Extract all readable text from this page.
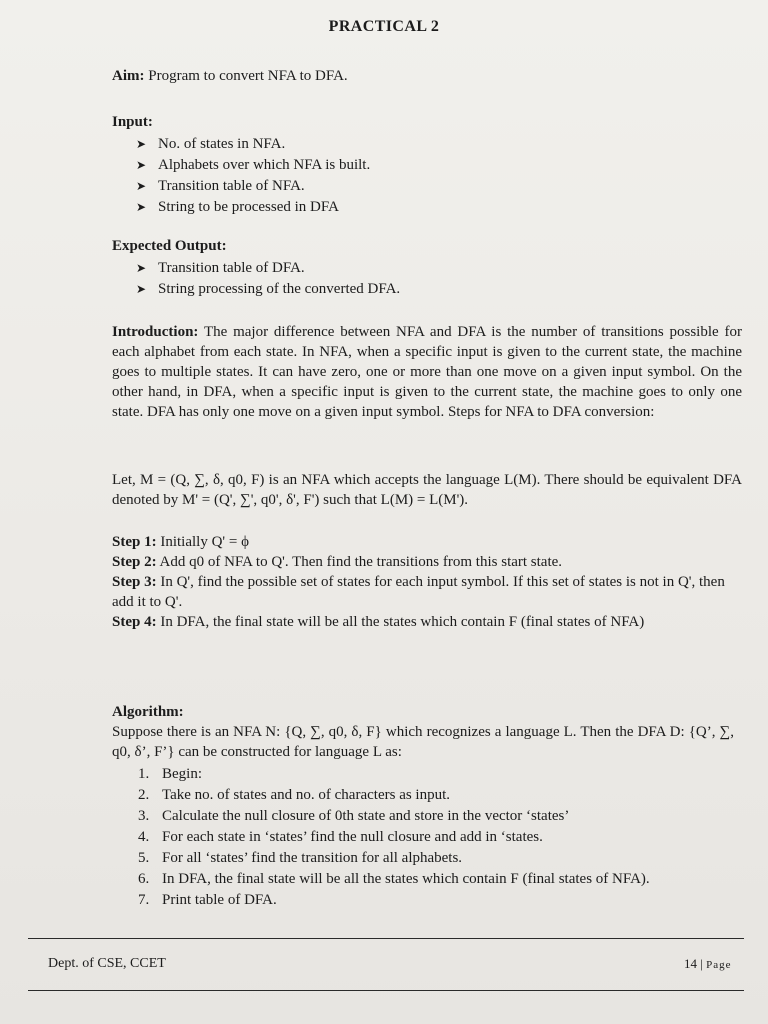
PRACTICAL 2
Aim: Program to convert NFA to DFA.
Input:
➤ No. of states in NFA.
➤ Alphabets over which NFA is built.
➤ Transition table of NFA.
➤ String to be processed in DFA
Expected Output:
➤ Transition table of DFA.
➤ String processing of the converted DFA.

Introduction: The major difference between NFA and DFA is the number of transitions possible for each alphabet from each state. In NFA, when a specific input is given to the current state, the machine goes to multiple states. It can have zero, one or more than one move on a given input symbol. On the other hand, in DFA, when a specific input is given to the current state, the machine goes to only one state. DFA has only one move on a given input symbol. Steps for NFA to DFA conversion:

Let, M = (Q, ∑, δ, q0, F) is an NFA which accepts the language L(M). There should be equivalent DFA denoted by M' = (Q', ∑', q0', δ', F') such that L(M) = L(M').

Step 1: Initially Q' = ϕ

Step 2: Add q0 of NFA to Q'. Then find the transitions from this start state.

Step 3: In Q', find the possible set of states for each input symbol. If this set of states is not in Q', then add it to Q'.

Step 4: In DFA, the final state will be all the states which contain F (final states of NFA)

Algorithm:

Suppose there is an NFA N: {Q, ∑, q0, δ, F} which recognizes a language L. Then the DFA D: {Q’, ∑, q0, δ’, F’} can be constructed for language L as:

1. Begin:
2. Take no. of states and no. of characters as input.
3. Calculate the null closure of 0th state and store in the vector ‘states’
4. For each state in ‘states’ find the null closure and add in ‘states.
5. For all ‘states’ find the transition for all alphabets.
6. In DFA, the final state will be all the states which contain F (final states of NFA).
7. Print table of DFA.
Dept. of CSE, CCET	14 | Page
